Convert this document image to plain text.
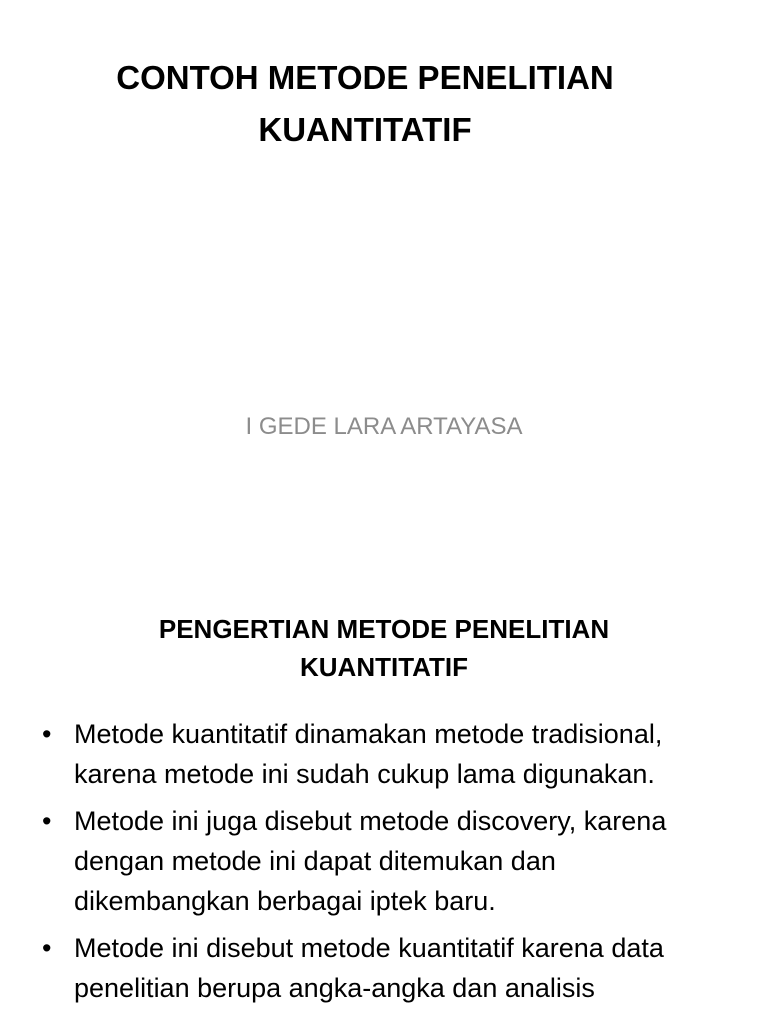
CONTOH METODE PENELITIAN
KUANTITATIF
I GEDE LARA ARTAYASA
PENGERTIAN METODE PENELITIAN
KUANTITATIF
• Metode kuantitatif dinamakan metode tradisional, karena metode ini sudah cukup lama digunakan.
• Metode ini juga disebut metode discovery, karena dengan metode ini dapat ditemukan dan dikembangkan berbagai iptek baru.
• Metode ini disebut metode kuantitatif karena data penelitian berupa angka-angka dan analisis
